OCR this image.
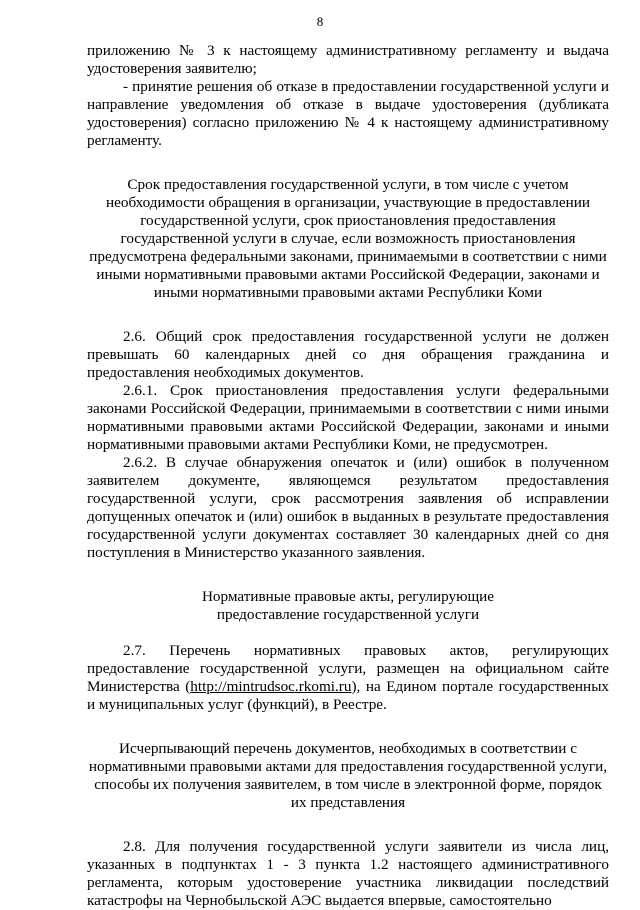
8

приложению № 3 к настоящему административному регламенту и выдача удостоверения заявителю;

- принятие решения об отказе в предоставлении государственной услуги и направление уведомления об отказе в выдаче удостоверения (дубликата удостоверения) согласно приложению № 4 к настоящему административному регламенту.

Срок предоставления государственной услуги, в том числе с учетом необходимости обращения в организации, участвующие в предоставлении государственной услуги, срок приостановления предоставления государственной услуги в случае, если возможность приостановления предусмотрена федеральными законами, принимаемыми в соответствии с ними иными нормативными правовыми актами Российской Федерации, законами и иными нормативными правовыми актами Республики Коми

2.6. Общий срок предоставления государственной услуги не должен превышать 60 календарных дней со дня обращения гражданина и предоставления необходимых документов.

2.6.1. Срок приостановления предоставления услуги федеральными законами Российской Федерации, принимаемыми в соответствии с ними иными нормативными правовыми актами Российской Федерации, законами и иными нормативными правовыми актами Республики Коми, не предусмотрен.

2.6.2. В случае обнаружения опечаток и (или) ошибок в полученном заявителем документе, являющемся результатом предоставления государственной услуги, срок рассмотрения заявления об исправлении допущенных опечаток и (или) ошибок в выданных в результате предоставления государственной услуги документах составляет 30 календарных дней со дня поступления в Министерство указанного заявления.

Нормативные правовые акты, регулирующие
предоставление государственной услуги

2.7. Перечень нормативных правовых актов, регулирующих предоставление государственной услуги, размещен на официальном сайте Министерства (http://mintrudsoc.rkomi.ru), на Едином портале государственных и муниципальных услуг (функций), в Реестре.

Исчерпывающий перечень документов, необходимых в соответствии с нормативными правовыми актами для предоставления государственной услуги, способы их получения заявителем, в том числе в электронной форме, порядок их представления

2.8. Для получения государственной услуги заявители из числа лиц, указанных в подпунктах 1 - 3 пункта 1.2 настоящего административного регламента, которым удостоверение участника ликвидации последствий катастрофы на Чернобыльской АЭС выдается впервые, самостоятельно
